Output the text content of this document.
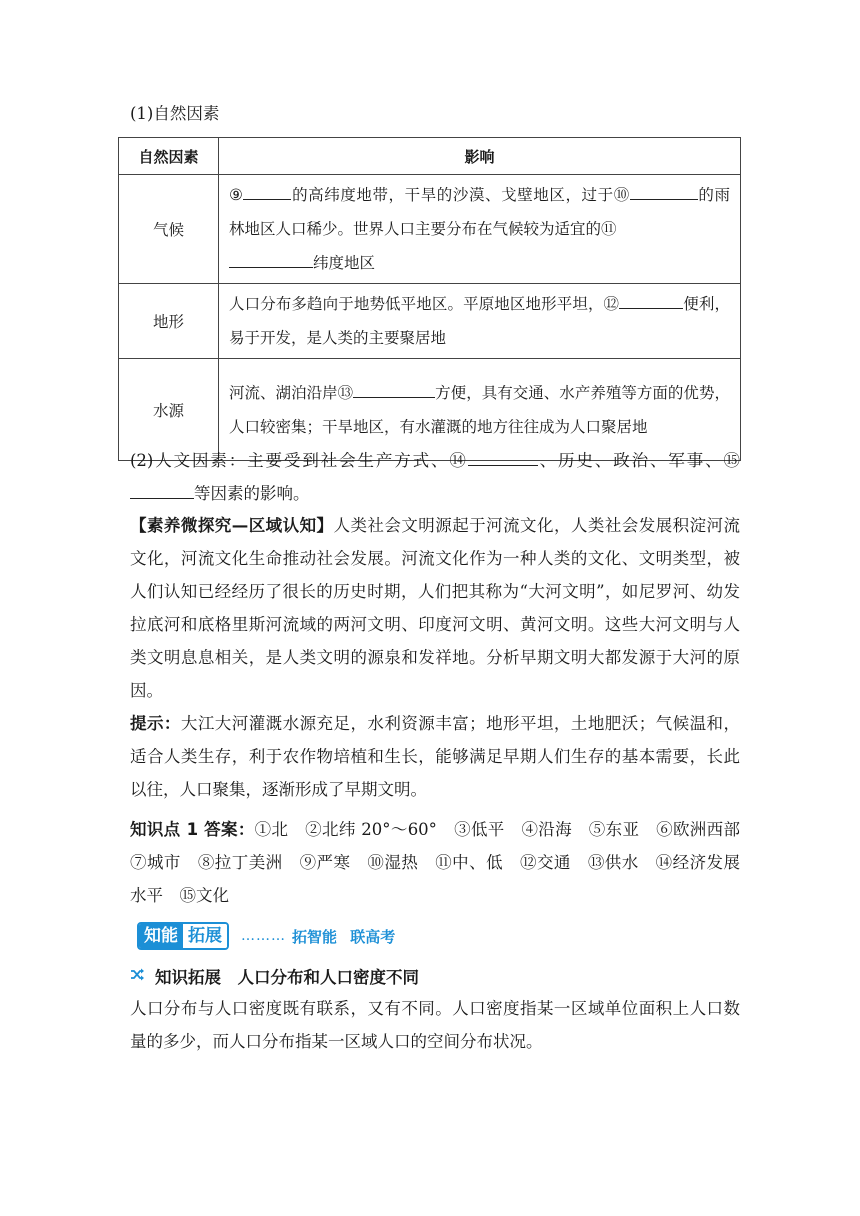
(1)自然因素
自然因素	影响
气候	⑨ 的高纬度地带，干旱的沙漠、戈壁地区，过于⑩ 的雨林地区人口稀少。世界人口主要分布在气候较为适宜的⑪
纬度地区
地形	人口分布多趋向于地势低平地区。平原地区地形平坦，⑫ 便利，易于开发，是人类的主要聚居地
水源	河流、湖泊沿岸⑬ 方便，具有交通、水产养殖等方面的优势，人口较密集；干旱地区，有水灌溉的地方往往成为人口聚居地
(2)人文因素：主要受到社会生产方式、⑭	、历史、政治、军事、⑮等因素的影响。
【素养微探究—区域认知】人类社会文明源起于河流文化，人类社会发展积淀河流文化，河流文化生命推动社会发展。河流文化作为一种人类的文化、文明类型，被人们认知已经经历了很长的历史时期，人们把其称为“大河文明”，如尼罗河、幼发拉底河和底格里斯河流域的两河文明、印度河文明、黄河文明。这些大河文明与人类文明息息相关，是人类文明的源泉和发祥地。分析早期文明大都发源于大河的原因。
提示：大江大河灌溉水源充足，水利资源丰富；地形平坦，土地肥沃；气候温和，适合人类生存，利于农作物培植和生长，能够满足早期人们生存的基本需要，长此以往，人口聚集，逐渐形成了早期文明。
知识点 1 答案：①北　②北纬 20°～60°　③低平　④沿海　⑤东亚　⑥欧洲西部　⑦城市　⑧拉丁美洲　⑨严寒　⑩湿热　⑪中、低　⑫交通　⑬供水　⑭经济发展水平　⑮文化
知能 拓展	……… 拓智能 联高考
知识拓展　人口分布和人口密度不同
人口分布与人口密度既有联系，又有不同。人口密度指某一区域单位面积上人口数量的多少，而人口分布指某一区域人口的空间分布状况。
